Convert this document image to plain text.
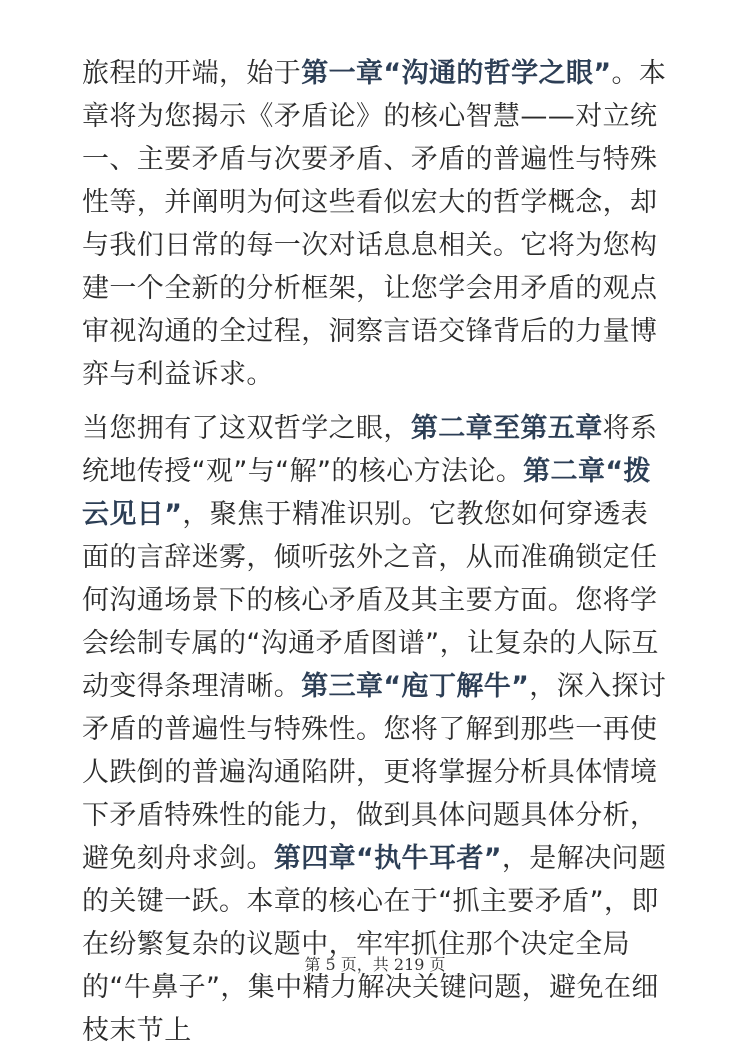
旅程的开端，始于第一章“沟通的哲学之眼”。本章将为您揭示《矛盾论》的核心智慧——对立统一、主要矛盾与次要矛盾、矛盾的普遍性与特殊性等，并阐明为何这些看似宏大的哲学概念，却与我们日常的每一次对话息息相关。它将为您构建一个全新的分析框架，让您学会用矛盾的观点审视沟通的全过程，洞察言语交锋背后的力量博弈与利益诉求。

当您拥有了这双哲学之眼，第二章至第五章将系统地传授“观”与“解”的核心方法论。第二章“拨云见日”，聚焦于精准识别。它教您如何穿透表面的言辞迷雾，倾听弦外之音，从而准确锁定任何沟通场景下的核心矛盾及其主要方面。您将学会绘制专属的“沟通矛盾图谱”，让复杂的人际互动变得条理清晰。第三章“庖丁解牛”，深入探讨矛盾的普遍性与特殊性。您将了解到那些一再使人跌倒的普遍沟通陷阱，更将掌握分析具体情境下矛盾特殊性的能力，做到具体问题具体分析，避免刻舟求剑。第四章“执牛耳者”，是解决问题的关键一跃。本章的核心在于“抓主要矛盾”，即在纷繁复杂的议题中，牢牢抓住那个决定全局的“牛鼻子”，集中精力解决关键问题，避免在细枝末节上

第 5 页，共 219 页
